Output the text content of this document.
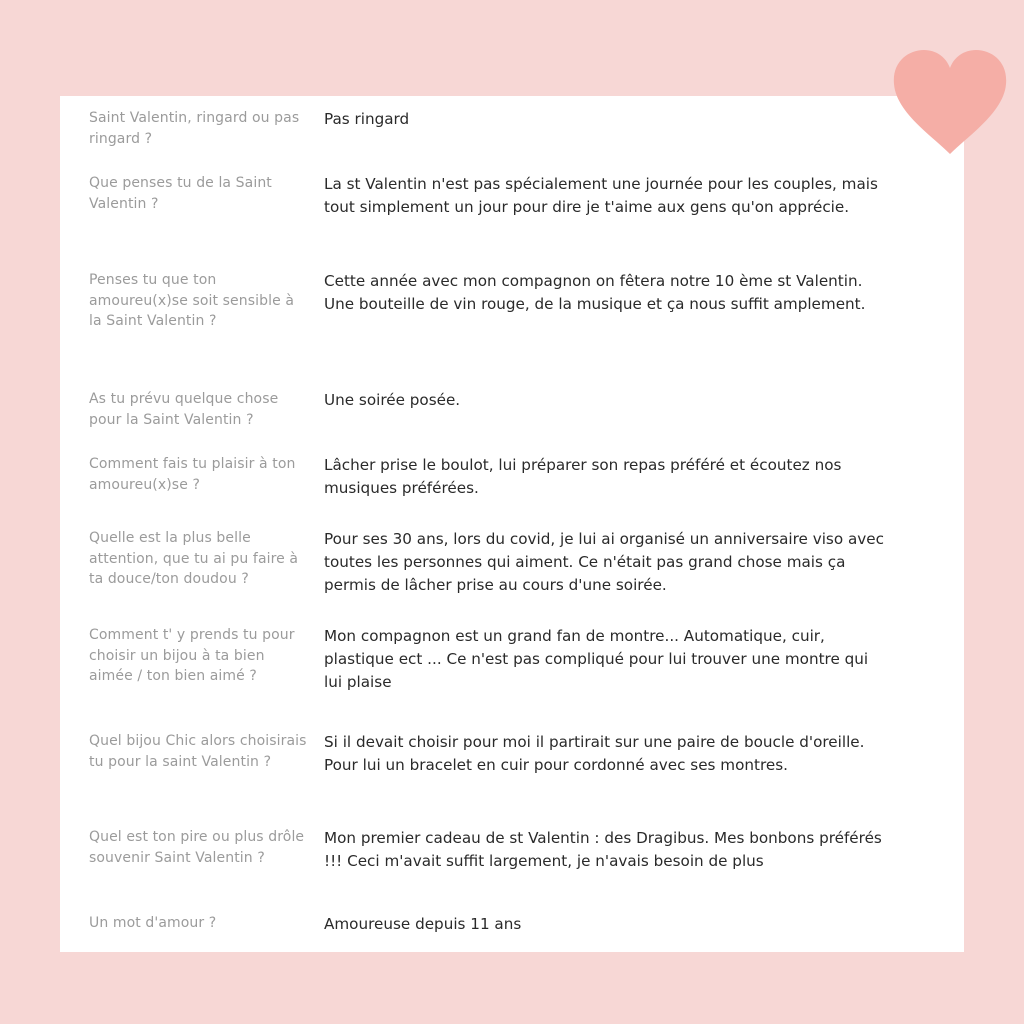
Saint Valentin, ringard ou pas ringard ?
Pas ringard
Que penses tu de la Saint Valentin ?
La st Valentin n'est pas spécialement une journée pour les couples, mais tout simplement un jour pour dire je t'aime aux gens qu'on apprécie.
Penses tu que ton amoureu(x)se soit sensible à la Saint Valentin ?
Cette année avec mon compagnon on fêtera notre 10 ème st Valentin.
Une bouteille de vin rouge, de la musique et ça nous suffit amplement.
As tu prévu quelque chose pour la Saint Valentin ?
Une soirée posée.
Comment fais tu plaisir à ton amoureu(x)se ?
Lâcher prise le boulot, lui préparer son repas préféré et écoutez nos musiques préférées.
Quelle est la plus belle attention, que tu ai pu faire à ta douce/ton doudou ?
Pour ses 30 ans, lors du covid, je lui ai organisé un anniversaire viso avec toutes les personnes qui aiment. Ce n'était pas grand chose mais ça permis de lâcher prise au cours d'une soirée.
Comment t' y prends tu pour choisir un bijou à ta bien aimée / ton bien aimé ?
Mon compagnon est un grand fan de montre... Automatique, cuir, plastique ect ... Ce n'est pas compliqué pour lui trouver une montre qui lui plaise
Quel bijou Chic alors choisirais tu pour la saint Valentin ?
Si il devait choisir pour moi il partirait sur une paire de boucle d'oreille. Pour lui un bracelet en cuir pour cordonné avec ses montres.
Quel est ton pire ou plus drôle souvenir Saint Valentin ?
Mon premier cadeau de st Valentin : des Dragibus. Mes bonbons préférés !!! Ceci m'avait suffit largement, je n'avais besoin de plus
Un mot d'amour ?	Amoureuse depuis 11 ans
